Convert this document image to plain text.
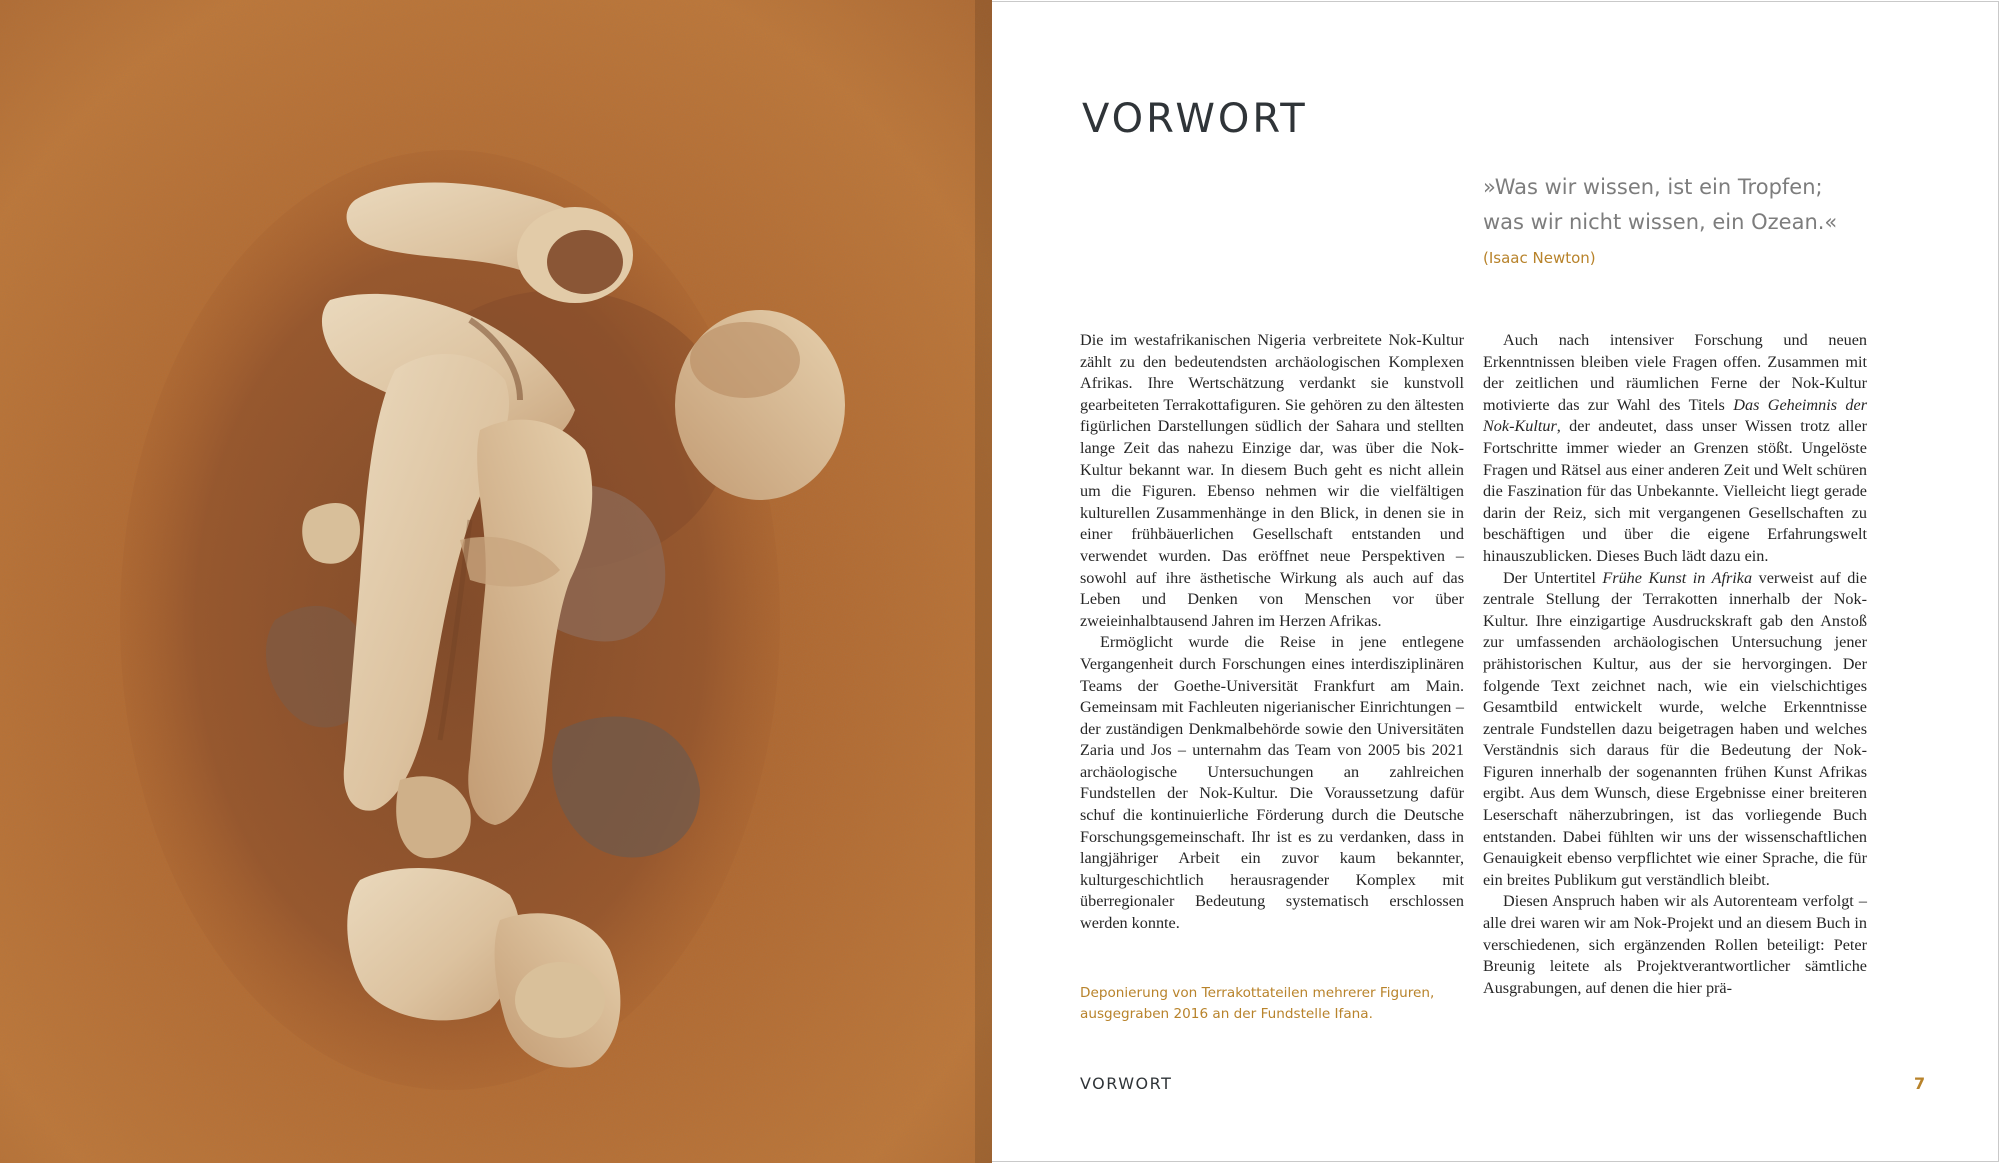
VORWORT
»Was wir wissen, ist ein Tropfen;
was wir nicht wissen, ein Ozean.«
(Isaac Newton)

Die im westafrikanischen Nigeria verbreitete Nok-Kultur zählt zu den bedeutendsten archäologischen Komplexen Afrikas. Ihre Wertschätzung verdankt sie kunstvoll gearbeiteten Terrakottafiguren. Sie gehören zu den ältesten figürlichen Darstellungen südlich der Sahara und stellten lange Zeit das nahezu Einzige dar, was über die Nok-Kultur bekannt war. In diesem Buch geht es nicht allein um die Figuren. Ebenso nehmen wir die vielfältigen kulturellen Zusammenhänge in den Blick, in denen sie in einer frühbäuerlichen Gesellschaft entstanden und verwendet wurden. Das eröffnet neue Perspektiven – sowohl auf ihre ästhetische Wirkung als auch auf das Leben und Denken von Menschen vor über zweieinhalbtausend Jahren im Herzen Afrikas.

Ermöglicht wurde die Reise in jene entlegene Vergangenheit durch Forschungen eines interdisziplinären Teams der Goethe-Universität Frankfurt am Main. Gemeinsam mit Fachleuten nigerianischer Einrichtungen – der zuständigen Denkmalbehörde sowie den Universitäten Zaria und Jos – unternahm das Team von 2005 bis 2021 archäologische Untersuchungen an zahlreichen Fundstellen der Nok-Kultur. Die Voraussetzung dafür schuf die kontinuierliche Förderung durch die Deutsche Forschungsgemeinschaft. Ihr ist es zu verdanken, dass in langjähriger Arbeit ein zuvor kaum bekannter, kulturgeschichtlich herausragender Komplex mit überregionaler Bedeutung systematisch erschlossen werden konnte.

Auch nach intensiver Forschung und neuen Erkenntnissen bleiben viele Fragen offen. Zusammen mit der zeitlichen und räumlichen Ferne der Nok-Kultur motivierte das zur Wahl des Titels Das Geheimnis der Nok-Kultur, der andeutet, dass unser Wissen trotz aller Fortschritte immer wieder an Grenzen stößt. Ungelöste Fragen und Rätsel aus einer anderen Zeit und Welt schüren die Faszination für das Unbekannte. Vielleicht liegt gerade darin der Reiz, sich mit vergangenen Gesellschaften zu beschäftigen und über die eigene Erfahrungswelt hinauszublicken. Dieses Buch lädt dazu ein.

Der Untertitel Frühe Kunst in Afrika verweist auf die zentrale Stellung der Terrakotten innerhalb der Nok-Kultur. Ihre einzigartige Ausdruckskraft gab den Anstoß zur umfassenden archäologischen Untersuchung jener prähistorischen Kultur, aus der sie hervorgingen. Der folgende Text zeichnet nach, wie ein vielschichtiges Gesamtbild entwickelt wurde, welche Erkenntnisse zentrale Fundstellen dazu beigetragen haben und welches Verständnis sich daraus für die Bedeutung der Nok-Figuren innerhalb der sogenannten frühen Kunst Afrikas ergibt. Aus dem Wunsch, diese Ergebnisse einer breiteren Leserschaft näherzubringen, ist das vorliegende Buch entstanden. Dabei fühlten wir uns der wissenschaftlichen Genauigkeit ebenso verpflichtet wie einer Sprache, die für ein breites Publikum gut verständlich bleibt.

Diesen Anspruch haben wir als Autorenteam verfolgt – alle drei waren wir am Nok-Projekt und an diesem Buch in verschiedenen, sich ergänzenden Rollen beteiligt: Peter Breunig leitete als Projektverantwortlicher sämtliche Ausgrabungen, auf denen die hier prä-

Deponierung von Terrakottateilen mehrerer Figuren,
ausgegraben 2016 an der Fundstelle Ifana.
VORWORT	7
